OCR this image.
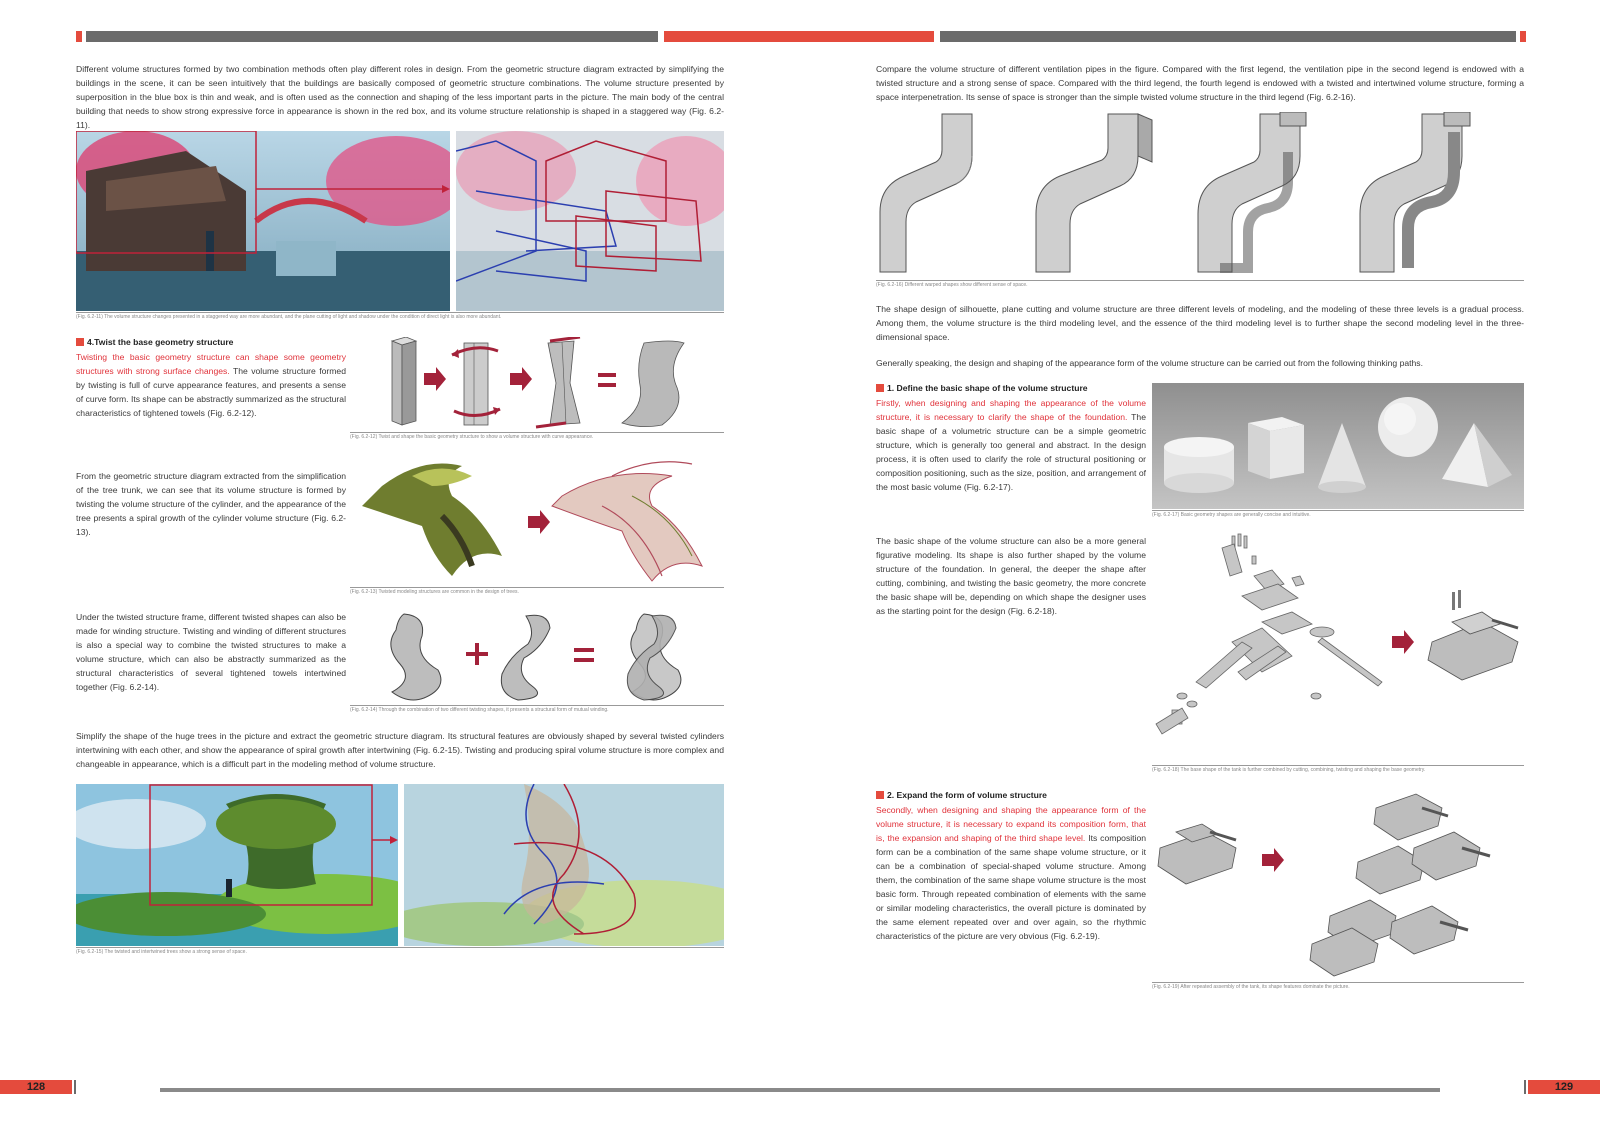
Different volume structures formed by two combination methods often play different roles in design. From the geometric structure diagram extracted by simplifying the buildings in the scene, it can be seen intuitively that the buildings are basically composed of geometric structure combinations. The volume structure presented by superposition in the blue box is thin and weak, and is often used as the connection and shaping of the less important parts in the picture. The main body of the central building that needs to show strong expressive force in appearance is shown in the red box, and its volume structure relationship is shaped in a staggered way (Fig. 6.2-11).
(Fig. 6.2-11) The volume structure changes presented in a staggered way are more abundant, and the plane cutting of light and shadow under the condition of direct light is also more abundant.
4.Twist the base geometry structure
Twisting the basic geometry structure can shape some geometry structures with strong surface changes. The volume structure formed by twisting is full of curve appearance features, and presents a sense of curve form. Its shape can be abstractly summarized as the structural characteristics of tightened towels (Fig. 6.2-12).
(Fig. 6.2-12) Twist and shape the basic geometry structure to show a volume structure with curve appearance.
From the geometric structure diagram extracted from the simplification of the tree trunk, we can see that its volume structure is formed by twisting the volume structure of the cylinder, and the appearance of the tree presents a spiral growth of the cylinder volume structure (Fig. 6.2-13).
(Fig. 6.2-13) Twisted modeling structures are common in the design of trees.
Under the twisted structure frame, different twisted shapes can also be made for winding structure. Twisting and winding of different structures is also a special way to combine the twisted structures to make a volume structure, which can also be abstractly summarized as the structural characteristics of several tightened towels intertwined together (Fig. 6.2-14).
(Fig. 6.2-14) Through the combination of two different twisting shapes, it presents a structural form of mutual winding.
Simplify the shape of the huge trees in the picture and extract the geometric structure diagram. Its structural features are obviously shaped by several twisted cylinders intertwining with each other, and show the appearance of spiral growth after intertwining (Fig. 6.2-15). Twisting and producing spiral volume structure is more complex and changeable in appearance, which is a difficult part in the modeling method of volume structure.
(Fig. 6.2-15) The twisted and intertwined trees show a strong sense of space.
Compare the volume structure of different ventilation pipes in the figure. Compared with the first legend, the ventilation pipe in the second legend is endowed with a twisted structure and a strong sense of space. Compared with the third legend, the fourth legend is endowed with a twisted and intertwined volume structure, forming a space interpenetration. Its sense of space is stronger than the simple twisted volume structure in the third legend (Fig. 6.2-16).
(Fig. 6.2-16) Different warped shapes show different sense of space.
The shape design of silhouette, plane cutting and volume structure are three different levels of modeling, and the modeling of these three levels is a gradual process. Among them, the volume structure is the third modeling level, and the essence of the third modeling level is to further shape the second modeling level in the three-dimensional space.
Generally speaking, the design and shaping of the appearance form of the volume structure can be carried out from the following thinking paths.
1. Define the basic shape of the volume structure
Firstly, when designing and shaping the appearance of the volume structure, it is necessary to clarify the shape of the foundation. The basic shape of a volumetric structure can be a simple geometric structure, which is generally too general and abstract. In the design process, it is often used to clarify the role of structural positioning or composition positioning, such as the size, position, and arrangement of the most basic volume (Fig. 6.2-17).
(Fig. 6.2-17) Basic geometry shapes are generally concise and intuitive.
The basic shape of the volume structure can also be a more general figurative modeling. Its shape is also further shaped by the volume structure of the foundation. In general, the deeper the shape after cutting, combining, and twisting the basic geometry, the more concrete the basic shape will be, depending on which shape the designer uses as the starting point for the design (Fig. 6.2-18).
(Fig. 6.2-18) The base shape of the tank is further combined by cutting, combining, twisting and shaping the base geometry.
2. Expand the form of volume structure
Secondly, when designing and shaping the appearance form of the volume structure, it is necessary to expand its composition form, that is, the expansion and shaping of the third shape level. Its composition form can be a combination of the same shape volume structure, or it can be a combination of special-shaped volume structure. Among them, the combination of the same shape volume structure is the most basic form. Through repeated combination of elements with the same or similar modeling characteristics, the overall picture is dominated by the same element repeated over and over again, so the rhythmic characteristics of the picture are very obvious (Fig. 6.2-19).
(Fig. 6.2-19) After repeated assembly of the tank, its shape features dominate the picture.
128	129
